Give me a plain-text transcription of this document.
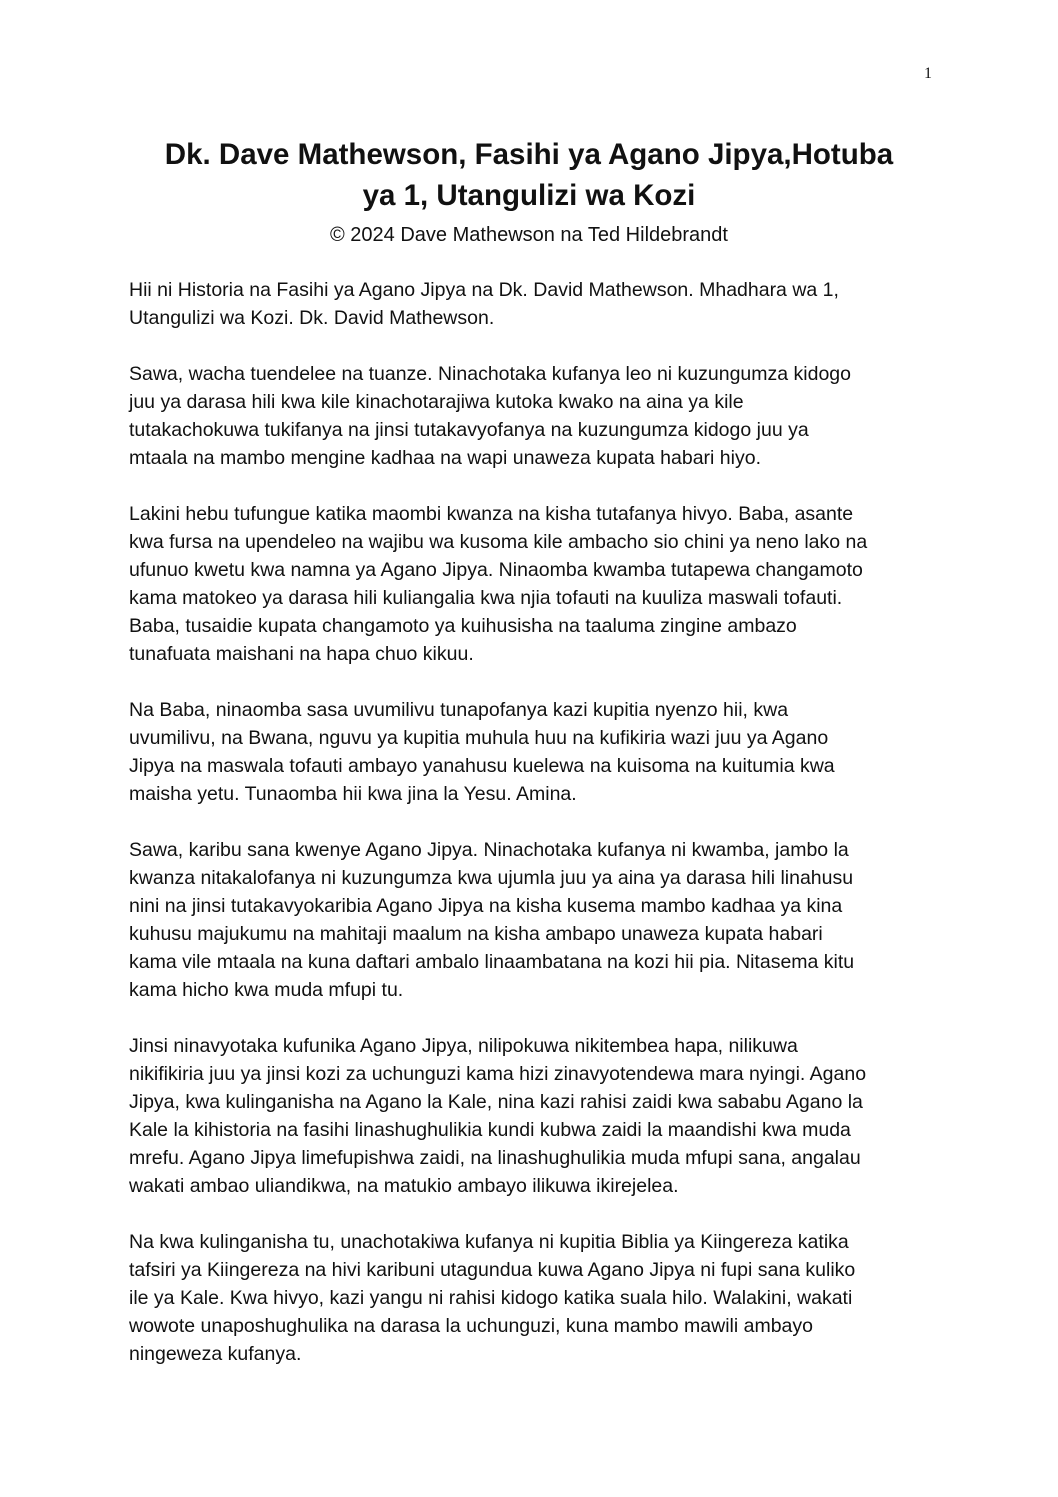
1
Dk. Dave Mathewson, Fasihi ya Agano Jipya,Hotuba
ya 1, Utangulizi wa Kozi

© 2024 Dave Mathewson na Ted Hildebrandt

Hii ni Historia na Fasihi ya Agano Jipya na Dk. David Mathewson. Mhadhara wa 1,
Utangulizi wa Kozi. Dk. David Mathewson.

Sawa, wacha tuendelee na tuanze. Ninachotaka kufanya leo ni kuzungumza kidogo
juu ya darasa hili kwa kile kinachotarajiwa kutoka kwako na aina ya kile
tutakachokuwa tukifanya na jinsi tutakavyofanya na kuzungumza kidogo juu ya
mtaala na mambo mengine kadhaa na wapi unaweza kupata habari hiyo.

Lakini hebu tufungue katika maombi kwanza na kisha tutafanya hivyo. Baba, asante
kwa fursa na upendeleo na wajibu wa kusoma kile ambacho sio chini ya neno lako na
ufunuo kwetu kwa namna ya Agano Jipya. Ninaomba kwamba tutapewa changamoto
kama matokeo ya darasa hili kuliangalia kwa njia tofauti na kuuliza maswali tofauti.
Baba, tusaidie kupata changamoto ya kuihusisha na taaluma zingine ambazo
tunafuata maishani na hapa chuo kikuu.

Na Baba, ninaomba sasa uvumilivu tunapofanya kazi kupitia nyenzo hii, kwa
uvumilivu, na Bwana, nguvu ya kupitia muhula huu na kufikiria wazi juu ya Agano
Jipya na maswala tofauti ambayo yanahusu kuelewa na kuisoma na kuitumia kwa
maisha yetu. Tunaomba hii kwa jina la Yesu. Amina.

Sawa, karibu sana kwenye Agano Jipya. Ninachotaka kufanya ni kwamba, jambo la
kwanza nitakalofanya ni kuzungumza kwa ujumla juu ya aina ya darasa hili linahusu
nini na jinsi tutakavyokaribia Agano Jipya na kisha kusema mambo kadhaa ya kina
kuhusu majukumu na mahitaji maalum na kisha ambapo unaweza kupata habari
kama vile mtaala na kuna daftari ambalo linaambatana na kozi hii pia. Nitasema kitu
kama hicho kwa muda mfupi tu.

Jinsi ninavyotaka kufunika Agano Jipya, nilipokuwa nikitembea hapa, nilikuwa
nikifikiria juu ya jinsi kozi za uchunguzi kama hizi zinavyotendewa mara nyingi. Agano
Jipya, kwa kulinganisha na Agano la Kale, nina kazi rahisi zaidi kwa sababu Agano la
Kale la kihistoria na fasihi linashughulikia kundi kubwa zaidi la maandishi kwa muda
mrefu. Agano Jipya limefupishwa zaidi, na linashughulikia muda mfupi sana, angalau
wakati ambao uliandikwa, na matukio ambayo ilikuwa ikirejelea.

Na kwa kulinganisha tu, unachotakiwa kufanya ni kupitia Biblia ya Kiingereza katika
tafsiri ya Kiingereza na hivi karibuni utagundua kuwa Agano Jipya ni fupi sana kuliko
ile ya Kale. Kwa hivyo, kazi yangu ni rahisi kidogo katika suala hilo. Walakini, wakati
wowote unaposhughulika na darasa la uchunguzi, kuna mambo mawili ambayo
ningeweza kufanya.
